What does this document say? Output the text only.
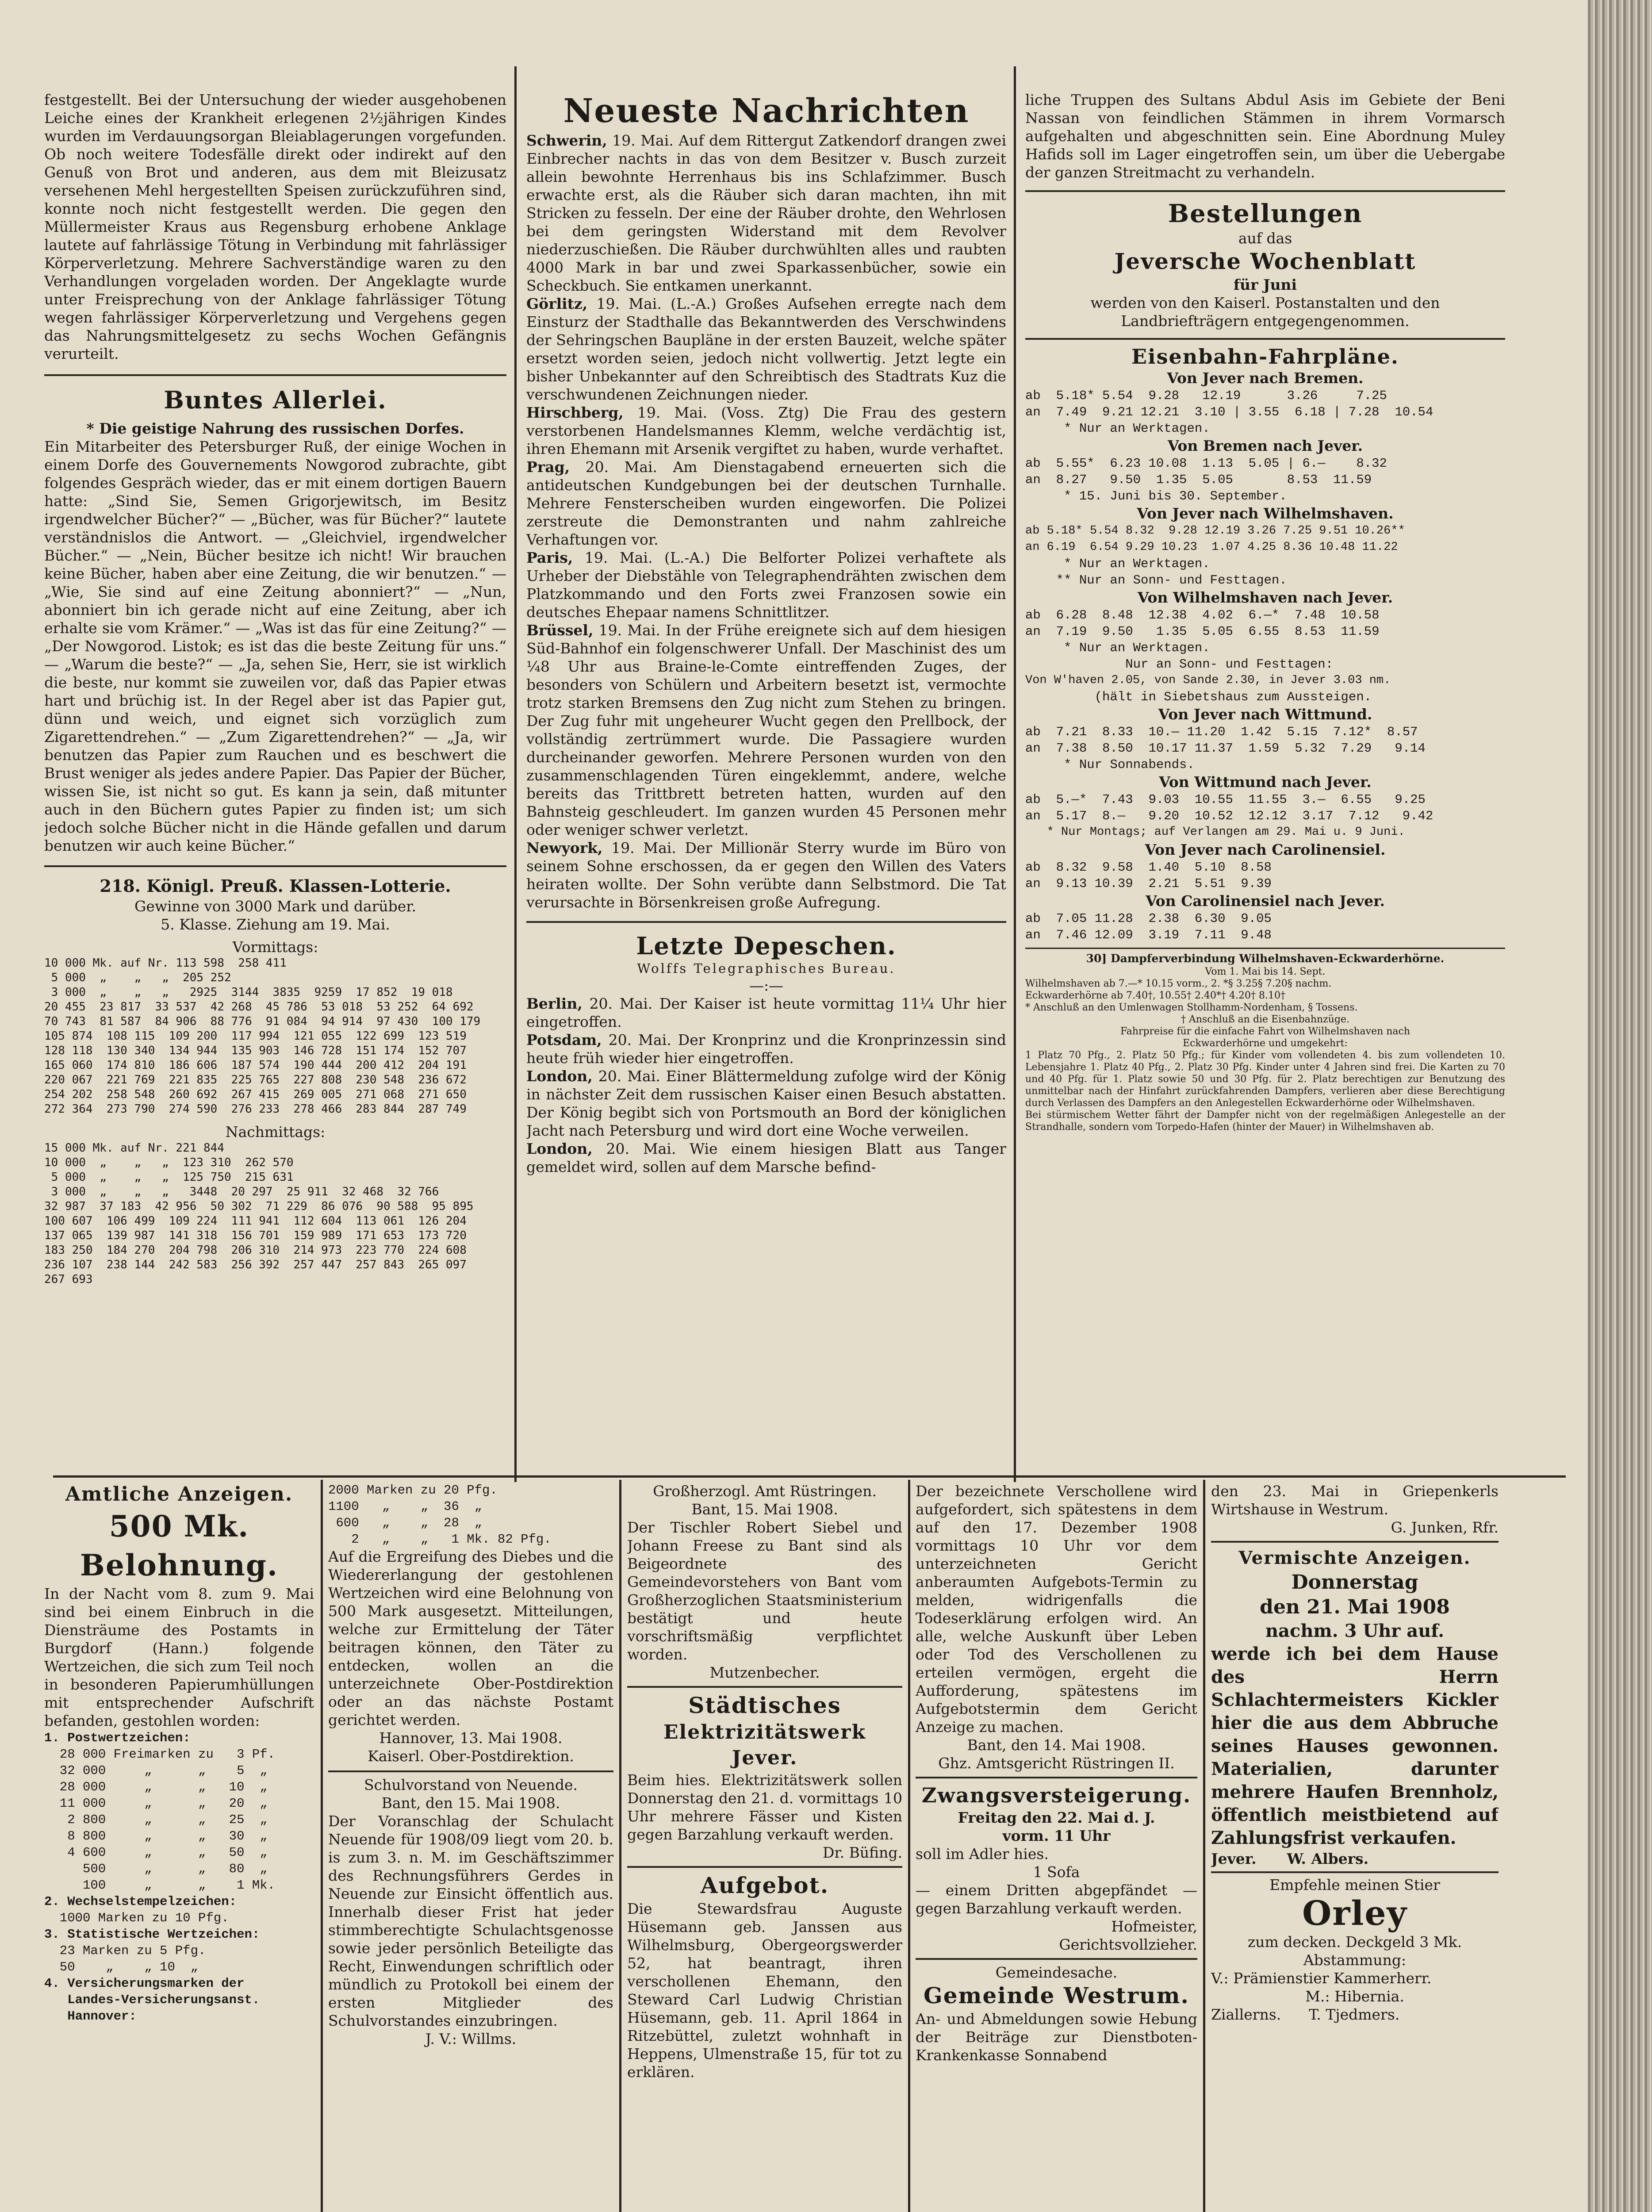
festgestellt. Bei der Untersuchung der wieder ausgehobenen Leiche eines der Krankheit erlegenen 2½jährigen Kindes wurden im Verdauungsorgan Bleiablagerungen vorgefunden. Ob noch weitere Todesfälle direkt oder indirekt auf den Genuß von Brot und anderen, aus dem mit Bleizusatz versehenen Mehl hergestellten Speisen zurückzuführen sind, konnte noch nicht festgestellt werden. Die gegen den Müllermeister Kraus aus Regensburg erhobene Anklage lautete auf fahrlässige Tötung in Verbindung mit fahrlässiger Körperverletzung. Mehrere Sachverständige waren zu den Verhandlungen vorgeladen worden. Der Angeklagte wurde unter Freisprechung von der Anklage fahrlässiger Tötung wegen fahrlässiger Körperverletzung und Vergehens gegen das Nahrungsmittelgesetz zu sechs Wochen Gefängnis verurteilt.

Buntes Allerlei.

* Die geistige Nahrung des russischen Dorfes.

Ein Mitarbeiter des Petersburger Ruß, der einige Wochen in einem Dorfe des Gouvernements Nowgorod zubrachte, gibt folgendes Gespräch wieder, das er mit einem dortigen Bauern hatte: „Sind Sie, Semen Grigorjewitsch, im Besitz irgendwelcher Bücher?“ — „Bücher, was für Bücher?“ lautete verständnislos die Antwort. — „Gleichviel, irgendwelcher Bücher.“ — „Nein, Bücher besitze ich nicht! Wir brauchen keine Bücher, haben aber eine Zeitung, die wir benutzen.“ — „Wie, Sie sind auf eine Zeitung abonniert?“ — „Nun, abonniert bin ich gerade nicht auf eine Zeitung, aber ich erhalte sie vom Krämer.“ — „Was ist das für eine Zeitung?“ — „Der Nowgorod. Listok; es ist das die beste Zeitung für uns.“ — „Warum die beste?“ — „Ja, sehen Sie, Herr, sie ist wirklich die beste, nur kommt sie zuweilen vor, daß das Papier etwas hart und brüchig ist. In der Regel aber ist das Papier gut, dünn und weich, und eignet sich vorzüglich zum Zigarettendrehen.“ — „Zum Zigarettendrehen?“ — „Ja, wir benutzen das Papier zum Rauchen und es beschwert die Brust weniger als jedes andere Papier. Das Papier der Bücher, wissen Sie, ist nicht so gut. Es kann ja sein, daß mitunter auch in den Büchern gutes Papier zu finden ist; um sich jedoch solche Bücher nicht in die Hände gefallen und darum benutzen wir auch keine Bücher.“

218. Königl. Preuß. Klassen-Lotterie.

Gewinne von 3000 Mark und darüber.

5. Klasse. Ziehung am 19. Mai.

Vormittags:

10 000 Mk. auf Nr. 113 598  258 411
5 000  „    „   „  205 252
3 000  „    „   „   2925  3144  3835  9259  17 852  19 018
20 455  23 817  33 537  42 268  45 786  53 018  53 252  64 692
70 743  81 587  84 906  88 776  91 084  94 914  97 430  100 179
105 874  108 115  109 200  117 994  121 055  122 699  123 519
128 118  130 340  134 944  135 903  146 728  151 174  152 707
165 060  174 810  186 606  187 574  190 444  200 412  204 191
220 067  221 769  221 835  225 765  227 808  230 548  236 672
254 202  258 548  260 692  267 415  269 005  271 068  271 650
272 364  273 790  274 590  276 233  278 466  283 844  287 749

Nachmittags:

15 000 Mk. auf Nr. 221 844
10 000  „    „   „  123 310  262 570
5 000  „    „   „  125 750  215 631
3 000  „    „   „   3448  20 297  25 911  32 468  32 766
32 987  37 183  42 956  50 302  71 229  86 076  90 588  95 895
100 607  106 499  109 224  111 941  112 604  113 061  126 204
137 065  139 987  141 318  156 701  159 989  171 653  173 720
183 250  184 270  204 798  206 310  214 973  223 770  224 608
236 107  238 144  242 583  256 392  257 447  257 843  265 097
267 693

Neueste Nachrichten

Schwerin, 19. Mai. Auf dem Rittergut Zatkendorf drangen zwei Einbrecher nachts in das von dem Besitzer v. Busch zurzeit allein bewohnte Herrenhaus bis ins Schlafzimmer. Busch erwachte erst, als die Räuber sich daran machten, ihn mit Stricken zu fesseln. Der eine der Räuber drohte, den Wehrlosen bei dem geringsten Widerstand mit dem Revolver niederzuschießen. Die Räuber durchwühlten alles und raubten 4000 Mark in bar und zwei Sparkassenbücher, sowie ein Scheckbuch. Sie entkamen unerkannt.

Görlitz, 19. Mai. (L.-A.) Großes Aufsehen erregte nach dem Einsturz der Stadthalle das Bekanntwerden des Verschwindens der Sehringschen Baupläne in der ersten Bauzeit, welche später ersetzt worden seien, jedoch nicht vollwertig. Jetzt legte ein bisher Unbekannter auf den Schreibtisch des Stadtrats Kuz die verschwundenen Zeichnungen nieder.

Hirschberg, 19. Mai. (Voss. Ztg) Die Frau des gestern verstorbenen Handelsmannes Klemm, welche verdächtig ist, ihren Ehemann mit Arsenik vergiftet zu haben, wurde verhaftet.

Prag, 20. Mai. Am Dienstagabend erneuerten sich die antideutschen Kundgebungen bei der deutschen Turnhalle. Mehrere Fensterscheiben wurden eingeworfen. Die Polizei zerstreute die Demonstranten und nahm zahlreiche Verhaftungen vor.

Paris, 19. Mai. (L.-A.) Die Belforter Polizei verhaftete als Urheber der Diebstähle von Telegraphendrähten zwischen dem Platzkommando und den Forts zwei Franzosen sowie ein deutsches Ehepaar namens Schnittlitzer.

Brüssel, 19. Mai. In der Frühe ereignete sich auf dem hiesigen Süd-Bahnhof ein folgenschwerer Unfall. Der Maschinist des um ¼8 Uhr aus Braine-le-Comte eintreffenden Zuges, der besonders von Schülern und Arbeitern besetzt ist, vermochte trotz starken Bremsens den Zug nicht zum Stehen zu bringen. Der Zug fuhr mit ungeheurer Wucht gegen den Prellbock, der vollständig zertrümmert wurde. Die Passagiere wurden durcheinander geworfen. Mehrere Personen wurden von den zusammenschlagenden Türen eingeklemmt, andere, welche bereits das Trittbrett betreten hatten, wurden auf den Bahnsteig geschleudert. Im ganzen wurden 45 Personen mehr oder weniger schwer verletzt.

Newyork, 19. Mai. Der Millionär Sterry wurde im Büro von seinem Sohne erschossen, da er gegen den Willen des Vaters heiraten wollte. Der Sohn verübte dann Selbstmord. Die Tat verursachte in Börsenkreisen große Aufregung.

Letzte Depeschen.

Wolffs Telegraphisches Bureau.

—:—

Berlin, 20. Mai. Der Kaiser ist heute vormittag 11¼ Uhr hier eingetroffen.

Potsdam, 20. Mai. Der Kronprinz und die Kronprinzessin sind heute früh wieder hier eingetroffen.

London, 20. Mai. Einer Blättermeldung zufolge wird der König in nächster Zeit dem russischen Kaiser einen Besuch abstatten. Der König begibt sich von Portsmouth an Bord der königlichen Jacht nach Petersburg und wird dort eine Woche verweilen.

London, 20. Mai. Wie einem hiesigen Blatt aus Tanger gemeldet wird, sollen auf dem Marsche befind-

liche Truppen des Sultans Abdul Asis im Gebiete der Beni Nassan von feindlichen Stämmen in ihrem Vormarsch aufgehalten und abgeschnitten sein. Eine Abordnung Muley Hafids soll im Lager eingetroffen sein, um über die Uebergabe der ganzen Streitmacht zu verhandeln.

Bestellungen

auf das

Jeversche Wochenblatt

für Juni

werden von den Kaiserl. Postanstalten und den Landbriefträgern entgegengenommen.

Eisenbahn-Fahrpläne.

Von Jever nach Bremen.

ab  5.18* 5.54  9.28   12.19      3.26     7.25
an  7.49  9.21 12.21  3.10 | 3.55  6.18 | 7.28  10.54
* Nur an Werktagen.

Von Bremen nach Jever.

ab  5.55*  6.23 10.08  1.13  5.05 | 6.—    8.32
an  8.27   9.50  1.35  5.05       8.53  11.59
* 15. Juni bis 30. September.

Von Jever nach Wilhelmshaven.

ab 5.18* 5.54 8.32  9.28 12.19 3.26 7.25 9.51 10.26**
an 6.19  6.54 9.29 10.23  1.07 4.25 8.36 10.48 11.22
* Nur an Werktagen.
** Nur an Sonn- und Festtagen.

Von Wilhelmshaven nach Jever.

ab  6.28  8.48  12.38  4.02  6.—*  7.48  10.58
an  7.19  9.50   1.35  5.05  6.55  8.53  11.59
* Nur an Werktagen.
Nur an Sonn- und Festtagen:
Von W'haven 2.05, von Sande 2.30, in Jever 3.03 nm.
(hält in Siebetshaus zum Aussteigen.

Von Jever nach Wittmund.

ab  7.21  8.33  10.— 11.20  1.42  5.15  7.12*  8.57
an  7.38  8.50  10.17 11.37  1.59  5.32  7.29   9.14
* Nur Sonnabends.

Von Wittmund nach Jever.

ab  5.—*  7.43  9.03  10.55  11.55  3.—  6.55   9.25
an  5.17  8.—   9.20  10.52  12.12  3.17  7.12   9.42
* Nur Montags; auf Verlangen am 29. Mai u. 9 Juni.

Von Jever nach Carolinensiel.

ab  8.32  9.58  1.40  5.10  8.58
an  9.13 10.39  2.21  5.51  9.39

Von Carolinensiel nach Jever.

ab  7.05 11.28  2.38  6.30  9.05
an  7.46 12.09  3.19  7.11  9.48

30] Dampferverbindung Wilhelmshaven-Eckwarderhörne.

Vom 1. Mai bis 14. Sept.

Wilhelmshaven ab 7.—* 10.15 vorm., 2. *§ 3.25§ 7.20§ nachm.

Eckwarderhörne ab 7.40†, 10.55† 2.40*† 4.20† 8.10†

* Anschluß an den Umlenwagen Stollhamm-Nordenham, § Tossens.

† Anschluß an die Eisenbahnzüge.

Fahrpreise für die einfache Fahrt von Wilhelmshaven nach

Eckwarderhörne und umgekehrt:

1 Platz 70 Pfg., 2. Platz 50 Pfg.; für Kinder vom vollendeten 4. bis zum vollendeten 10. Lebensjahre 1. Platz 40 Pfg., 2. Platz 30 Pfg. Kinder unter 4 Jahren sind frei. Die Karten zu 70 und 40 Pfg. für 1. Platz sowie 50 und 30 Pfg. für 2. Platz berechtigen zur Benutzung des unmittelbar nach der Hinfahrt zurückfahrenden Dampfers, verlieren aber diese Berechtigung durch Verlassen des Dampfers an den Anlegestellen Eckwarderhörne oder Wilhelmshaven.

Bei stürmischem Wetter fährt der Dampfer nicht von der regelmäßigen Anlegestelle an der Strandhalle, sondern vom Torpedo-Hafen (hinter der Mauer) in Wilhelmshaven ab.

Amtliche Anzeigen.

500 Mk. Belohnung.

In der Nacht vom 8. zum 9. Mai sind bei einem Einbruch in die Diensträume des Postamts in Burgdorf (Hann.) folgende Wertzeichen, die sich zum Teil noch in besonderen Papierumhüllungen mit entsprechender Aufschrift befanden, gestohlen worden:

1. Postwertzeichen:
28 000 Freimarken zu   3 Pf.
32 000     „      „    5  „
28 000     „      „   10  „
11 000     „      „   20  „
2 800     „      „   25  „
8 800     „      „   30  „
4 600     „      „   50  „
500     „      „   80  „
100     „      „    1 Mk.
2. Wechselstempelzeichen:
1000 Marken zu 10 Pfg.
3. Statistische Wertzeichen:
23 Marken zu 5 Pfg.
50    „    „ 10  „
4. Versicherungsmarken der
Landes-Versicherungsanst.
Hannover:
2000 Marken zu 20 Pfg.
1100   „    „  36  „
600   „    „  28  „
2   „    „   1 Mk. 82 Pfg.

Auf die Ergreifung des Diebes und die Wiedererlangung der gestohlenen Wertzeichen wird eine Belohnung von 500 Mark ausgesetzt. Mitteilungen, welche zur Ermittelung der Täter beitragen können, den Täter zu entdecken, wollen an die unterzeichnete Ober-Postdirektion oder an das nächste Postamt gerichtet werden.

Hannover, 13. Mai 1908.

Kaiserl. Ober-Postdirektion.

Schulvorstand von Neuende.

Bant, den 15. Mai 1908.

Der Voranschlag der Schulacht Neuende für 1908/09 liegt vom 20. b. is zum 3. n. M. im Geschäftszimmer des Rechnungsführers Gerdes in Neuende zur Einsicht öffentlich aus. Innerhalb dieser Frist hat jeder stimmberechtigte Schulachtsgenosse sowie jeder persönlich Beteiligte das Recht, Einwendungen schriftlich oder mündlich zu Protokoll bei einem der ersten Mitglieder des Schulvorstandes einzubringen.

J. V.: Willms.

Großherzogl. Amt Rüstringen.

Bant, 15. Mai 1908.

Der Tischler Robert Siebel und Johann Freese zu Bant sind als Beigeordnete des Gemeindevorstehers von Bant vom Großherzoglichen Staatsministerium bestätigt und heute vorschriftsmäßig verpflichtet worden.

Mutzenbecher.

Städtisches

Elektrizitätswerk Jever.

Beim hies. Elektrizitätswerk sollen Donnerstag den 21. d. vormittags 10 Uhr mehrere Fässer und Kisten gegen Barzahlung verkauft werden.

Dr. Büfing.

Aufgebot.

Die Stewardsfrau Auguste Hüsemann geb. Janssen aus Wilhelmsburg, Obergeorgswerder 52, hat beantragt, ihren verschollenen Ehemann, den Steward Carl Ludwig Christian Hüsemann, geb. 11. April 1864 in Ritzebüttel, zuletzt wohnhaft in Heppens, Ulmenstraße 15, für tot zu erklären.

Der bezeichnete Verschollene wird aufgefordert, sich spätestens in dem auf den 17. Dezember 1908 vormittags 10 Uhr vor dem unterzeichneten Gericht anberaumten Aufgebots-Termin zu melden, widrigenfalls die Todeserklärung erfolgen wird. An alle, welche Auskunft über Leben oder Tod des Verschollenen zu erteilen vermögen, ergeht die Aufforderung, spätestens im Aufgebotstermin dem Gericht Anzeige zu machen.

Bant, den 14. Mai 1908.

Ghz. Amtsgericht Rüstringen II.

Zwangsversteigerung.

Freitag den 22. Mai d. J.

vorm. 11 Uhr

soll im Adler hies.

1 Sofa

— einem Dritten abgepfändet — gegen Barzahlung verkauft werden.

Hofmeister,

Gerichtsvollzieher.

Gemeindesache.

Gemeinde Westrum.

An- und Abmeldungen sowie Hebung der Beiträge zur Dienstboten-Krankenkasse Sonnabend

den 23. Mai in Griepenkerls Wirtshause in Westrum.

G. Junken, Rfr.

Vermischte Anzeigen.

Donnerstag

den 21. Mai 1908

nachm. 3 Uhr auf.

werde ich bei dem Hause des Herrn Schlachtermeisters Kickler hier die aus dem Abbruche seines Hauses gewonnen. Materialien, darunter mehrere Haufen Brennholz, öffentlich meistbietend auf Zahlungsfrist verkaufen.

Jever.      W. Albers.

Empfehle meinen Stier

Orley

zum decken. Deckgeld 3 Mk.

Abstammung:

V.: Prämienstier Kammerherr.

M.: Hibernia.

Ziallerns.      T. Tjedmers.
